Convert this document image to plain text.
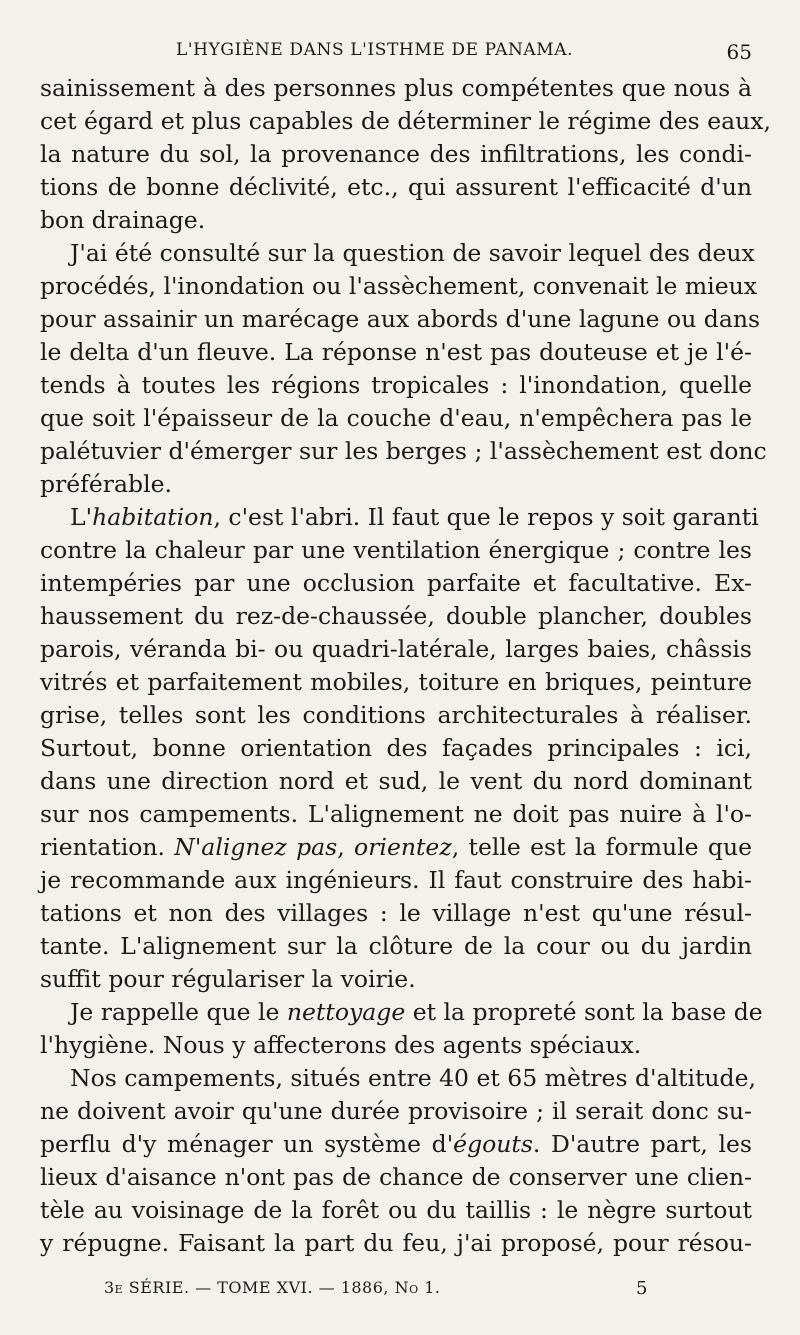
L'HYGIÈNE DANS L'ISTHME DE PANAMA.	65
sainissement à des personnes plus compétentes que nous à
cet égard et plus capables de déterminer le régime des eaux,
la nature du sol, la provenance des infiltrations, les condi-
tions de bonne déclivité, etc., qui assurent l'efficacité d'un
bon drainage.
J'ai été consulté sur la question de savoir lequel des deux
procédés, l'inondation ou l'assèchement, convenait le mieux
pour assainir un marécage aux abords d'une lagune ou dans
le delta d'un fleuve. La réponse n'est pas douteuse et je l'é-
tends à toutes les régions tropicales : l'inondation, quelle
que soit l'épaisseur de la couche d'eau, n'empêchera pas le
palétuvier d'émerger sur les berges ; l'assèchement est donc
préférable.
L'habitation, c'est l'abri. Il faut que le repos y soit garanti
contre la chaleur par une ventilation énergique ; contre les
intempéries par une occlusion parfaite et facultative. Ex-
haussement du rez-de-chaussée, double plancher, doubles
parois, véranda bi- ou quadri-latérale, larges baies, châssis
vitrés et parfaitement mobiles, toiture en briques, peinture
grise, telles sont les conditions architecturales à réaliser.
Surtout, bonne orientation des façades principales : ici,
dans une direction nord et sud, le vent du nord dominant
sur nos campements. L'alignement ne doit pas nuire à l'o-
rientation. N'alignez pas, orientez, telle est la formule que
je recommande aux ingénieurs. Il faut construire des habi-
tations et non des villages : le village n'est qu'une résul-
tante. L'alignement sur la clôture de la cour ou du jardin
suffit pour régulariser la voirie.
Je rappelle que le nettoyage et la propreté sont la base de
l'hygiène. Nous y affecterons des agents spéciaux.
Nos campements, situés entre 40 et 65 mètres d'altitude,
ne doivent avoir qu'une durée provisoire ; il serait donc su-
perflu d'y ménager un système d'égouts. D'autre part, les
lieux d'aisance n'ont pas de chance de conserver une clien-
tèle au voisinage de la forêt ou du taillis : le nègre surtout
y répugne. Faisant la part du feu, j'ai proposé, pour résou-
3e SÉRIE. — TOME XVI. — 1886, No 1.	5
